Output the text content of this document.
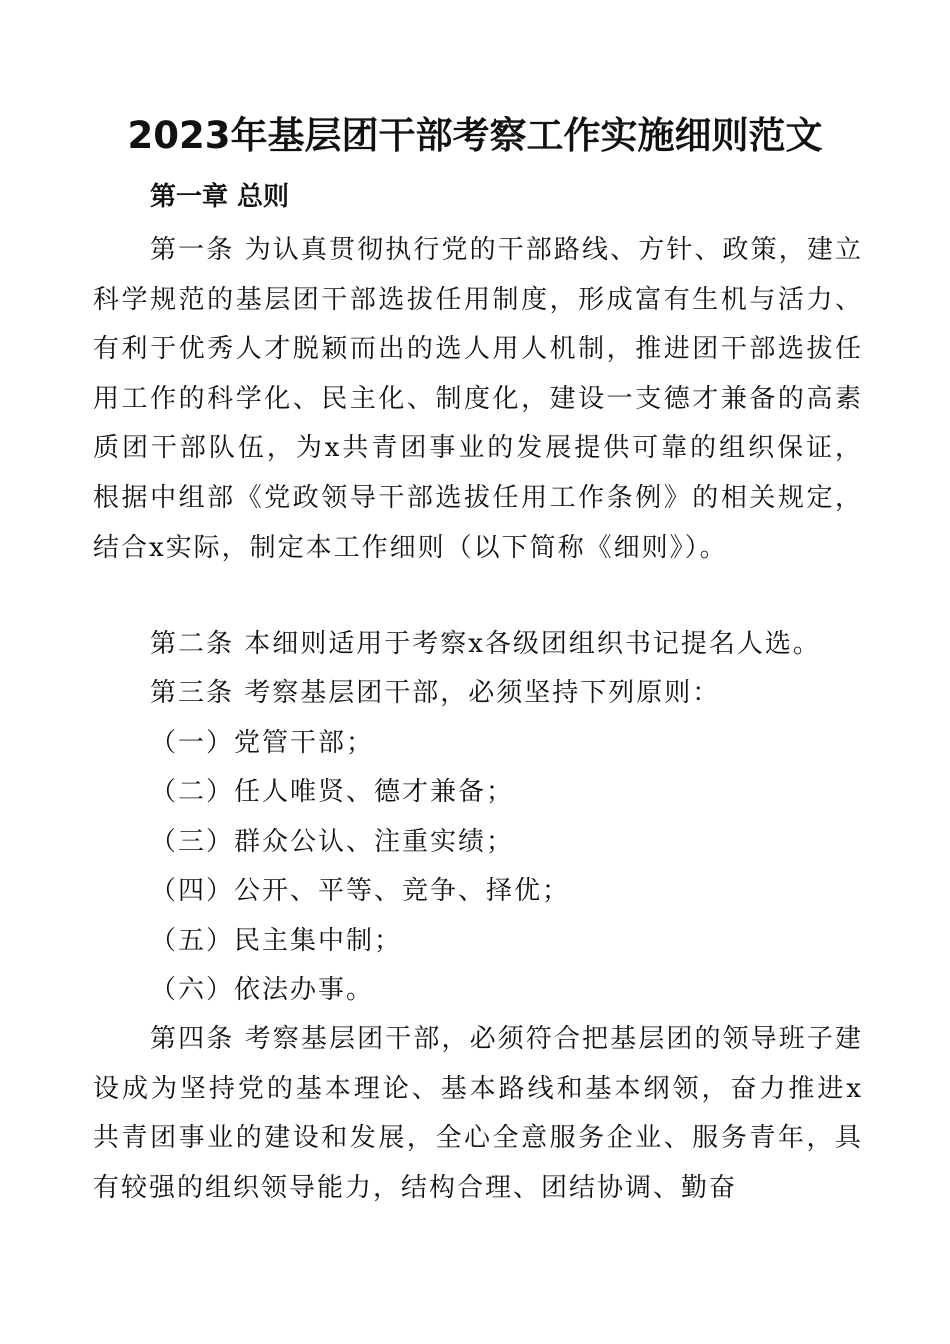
2023年基层团干部考察工作实施细则范文
第一章 总则

第一条 为认真贯彻执行党的干部路线、方针、政策，建立科学规范的基层团干部选拔任用制度，形成富有生机与活力、有利于优秀人才脱颖而出的选人用人机制，推进团干部选拔任用工作的科学化、民主化、制度化，建设一支德才兼备的高素质团干部队伍，为x共青团事业的发展提供可靠的组织保证，根据中组部《党政领导干部选拔任用工作条例》的相关规定，结合x实际，制定本工作细则（以下简称《细则》）。

第二条 本细则适用于考察x各级团组织书记提名人选。

第三条 考察基层团干部，必须坚持下列原则：

（一）党管干部；

（二）任人唯贤、德才兼备；

（三）群众公认、注重实绩；

（四）公开、平等、竞争、择优；

（五）民主集中制；

（六）依法办事。

第四条 考察基层团干部，必须符合把基层团的领导班子建设成为坚持党的基本理论、基本路线和基本纲领，奋力推进x共青团事业的建设和发展，全心全意服务企业、服务青年，具有较强的组织领导能力，结构合理、团结协调、勤奋
